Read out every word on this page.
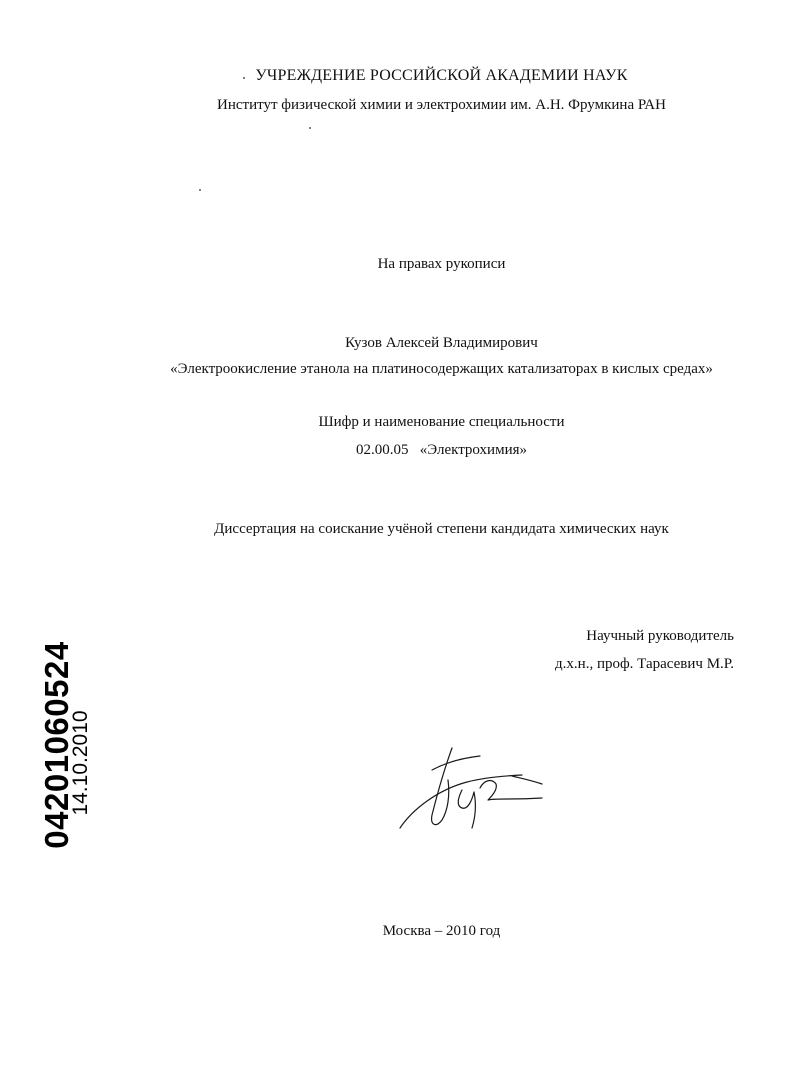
УЧРЕЖДЕНИЕ РОССИЙСКОЙ АКАДЕМИИ НАУК
Институт физической химии и электрохимии им. А.Н. Фрумкина РАН
На правах рукописи
Кузов Алексей Владимирович
«Электроокисление этанола на платиносодержащих катализаторах в кислых средах»
Шифр и наименование специальности
02.00.05   «Электрохимия»
Диссертация на соискание учёной степени кандидата химических наук
Научный руководитель
д.х.н., проф. Тарасевич М.Р.
04201060524
14.10.2010
Москва – 2010 год
